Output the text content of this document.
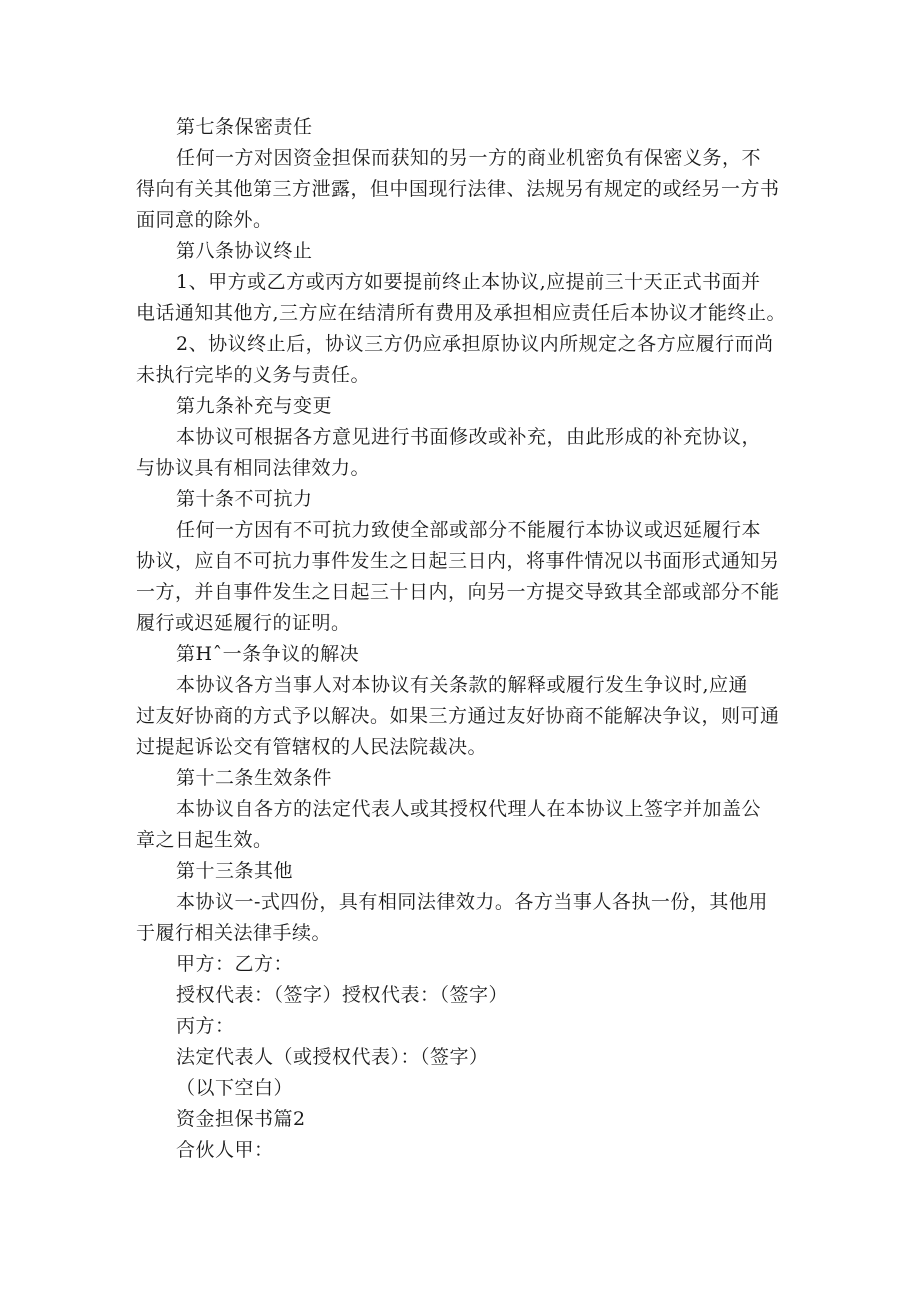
第七条保密责任
任何一方对因资金担保而获知的另一方的商业机密负有保密义务，不
得向有关其他第三方泄露，但中国现行法律、法规另有规定的或经另一方书
面同意的除外。
第八条协议终止
1、甲方或乙方或丙方如要提前终止本协议,应提前三十天正式书面并
电话通知其他方,三方应在结清所有费用及承担相应责任后本协议才能终止。
2、协议终止后，协议三方仍应承担原协议内所规定之各方应履行而尚
未执行完毕的义务与责任。
第九条补充与变更
本协议可根据各方意见进行书面修改或补充，由此形成的补充协议，
与协议具有相同法律效力。
第十条不可抗力
任何一方因有不可抗力致使全部或部分不能履行本协议或迟延履行本
协议，应自不可抗力事件发生之日起三日内，将事件情况以书面形式通知另
一方，并自事件发生之日起三十日内，向另一方提交导致其全部或部分不能
履行或迟延履行的证明。
第Hˆ一条争议的解决
本协议各方当事人对本协议有关条款的解释或履行发生争议时,应通
过友好协商的方式予以解决。如果三方通过友好协商不能解决争议，则可通
过提起诉讼交有管辖权的人民法院裁决。
第十二条生效条件
本协议自各方的法定代表人或其授权代理人在本协议上签字并加盖公
章之日起生效。
第十三条其他
本协议一-式四份，具有相同法律效力。各方当事人各执一份，其他用
于履行相关法律手续。
甲方：乙方：
授权代表：（签字）授权代表：（签字）
丙方：
法定代表人（或授权代表）：（签字）
（以下空白）
资金担保书篇2
合伙人甲：
